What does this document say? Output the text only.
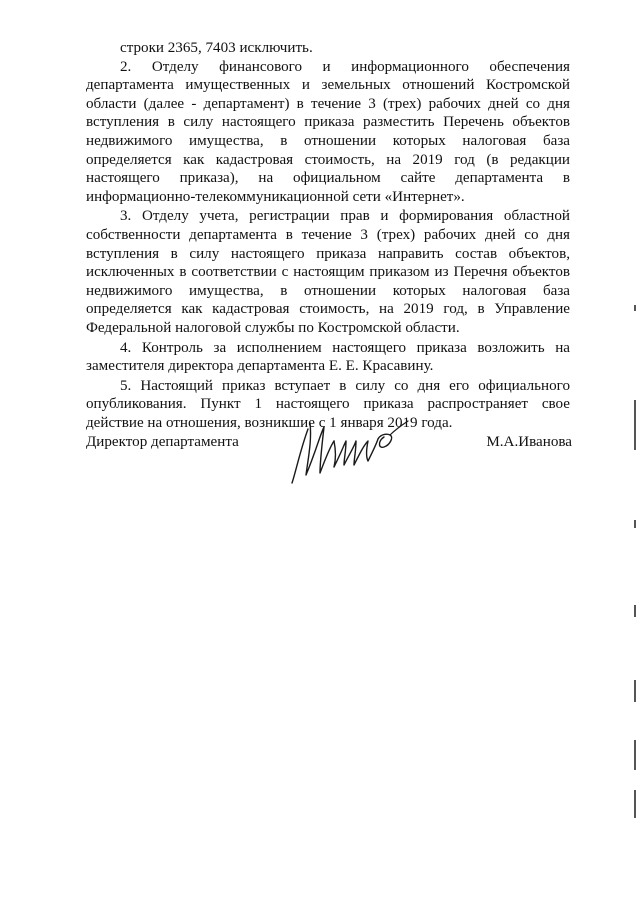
строки 2365, 7403 исключить.

2. Отделу финансового и информационного обеспечения департамента имущественных и земельных отношений Костромской области (далее - департамент) в течение 3 (трех) рабочих дней со дня вступления в силу настоящего приказа разместить Перечень объектов недвижимого имущества, в отношении которых налоговая база определяется как кадастровая стоимость, на 2019 год (в редакции настоящего приказа), на официальном сайте департамента в информационно-телекоммуникационной сети «Интернет».

3. Отделу учета, регистрации прав и формирования областной собственности департамента в течение 3 (трех) рабочих дней со дня вступления в силу настоящего приказа направить состав объектов, исключенных в соответствии с настоящим приказом из Перечня объектов недвижимого имущества, в отношении которых налоговая база определяется как кадастровая стоимость, на 2019 год, в Управление Федеральной налоговой службы по Костромской области.

4. Контроль за исполнением настоящего приказа возложить на заместителя директора департамента Е. Е. Красавину.

5. Настоящий приказ вступает в силу со дня его официального опубликования. Пункт 1 настоящего приказа распространяет свое действие на отношения, возникшие с 1 января 2019 года.

Директор департамента	М.А.Иванова
